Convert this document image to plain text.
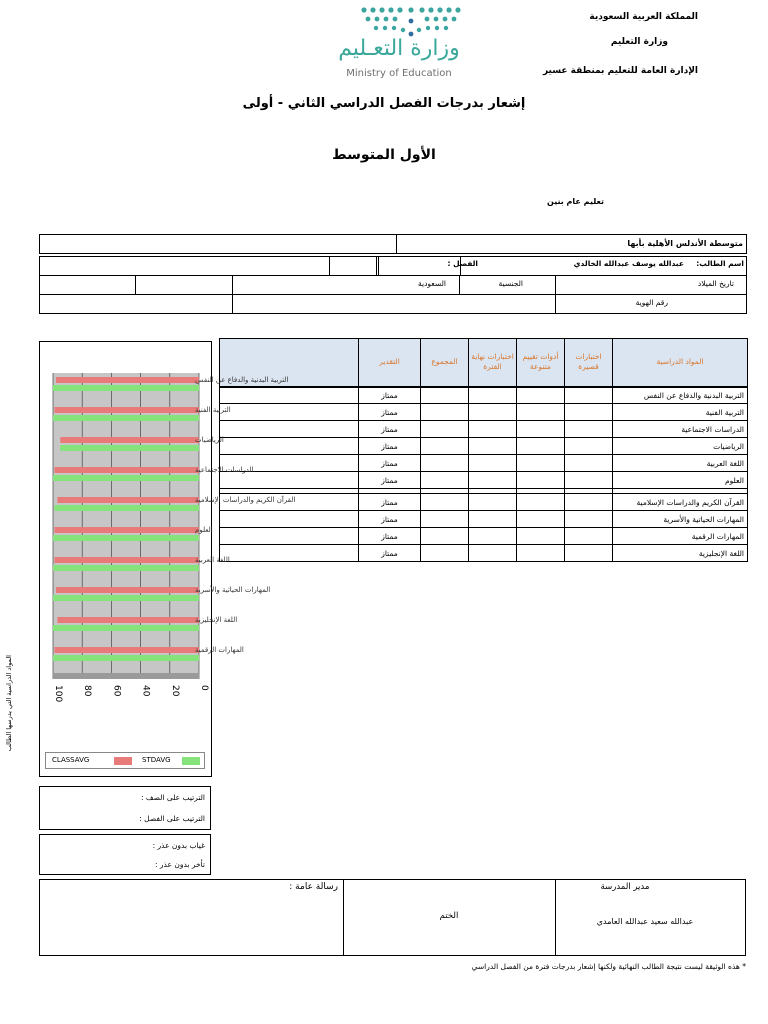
المملكة العربية السعودية
وزارة التعليم
الإدارة العامة للتعليم بمنطقة عسير
وزارة التعـليم
Ministry of Education
إشعار بدرجات الفصل الدراسي الثاني - أولى
الأول المتوسط
تعليم عام بنين
متوسطة الأندلس الأهلية بأبها
الفصل :	اسم الطالب:
عبدالله يوسف عبدالله الخالدي
تاريخ الميلاد
الجنسية
السعودية
رقم الهوية
المواد الدراسية	اختبارات قصيرة	أدوات تقييم متنوعة	اختبارات نهاية الفترة	المجموع	التقدير	
التربية البدنية والدفاع عن النفس					ممتاز	
التربية الفنية					ممتاز	
الدراسات الاجتماعية					ممتاز	
الرياضيات					ممتاز	
اللغة العربية					ممتاز	
العلوم					ممتاز	

القرآن الكريم والدراسات الإسلامية					ممتاز	
المهارات الحياتية والأسرية					ممتاز	
المهارات الرقمية					ممتاز	
اللغة الإنجليزية					ممتاز	
0
20
40
60
80
100
التربية البدنية والدفاع عن النفس
التربية الفنية
الرياضيات
الدراسات الاجتماعية
القرآن الكريم والدراسات الإسلامية
العلوم
اللغة العربية
المهارات الحياتية والأسرية
اللغة الإنجليزية
المهارات الرقمية
CLASSAVG	STDAVG
المواد الدراسية التي يدرسها الطالب
الترتيب على الصف :
الترتيب على الفصل :
غياب بدون عذر :
تأخر بدون عذر :
رسالة عامة :
الختم
مدير المدرسة
عبدالله سعيد عبدالله العامدي
* هذه الوثيقة ليست نتيجة الطالب النهائية ولكنها إشعار بدرجات فترة من الفصل الدراسي
